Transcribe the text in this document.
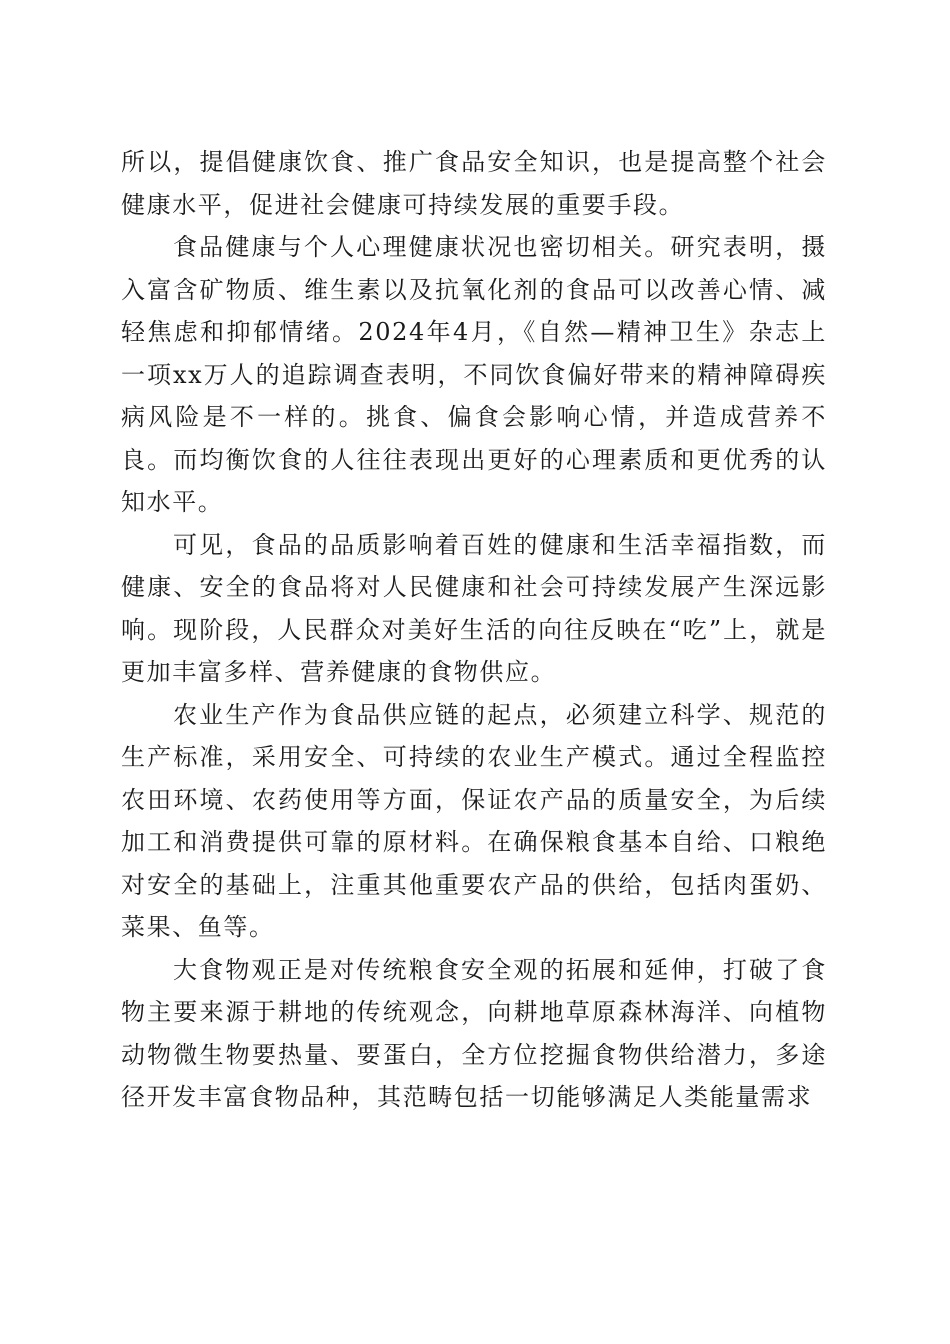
所以，提倡健康饮食、推广食品安全知识，也是提高整个社会健康水平，促进社会健康可持续发展的重要手段。

食品健康与个人心理健康状况也密切相关。研究表明，摄入富含矿物质、维生素以及抗氧化剂的食品可以改善心情、减轻焦虑和抑郁情绪。2024年4月，《自然—精神卫生》杂志上一项xx万人的追踪调查表明，不同饮食偏好带来的精神障碍疾病风险是不一样的。挑食、偏食会影响心情，并造成营养不良。而均衡饮食的人往往表现出更好的心理素质和更优秀的认知水平。

可见，食品的品质影响着百姓的健康和生活幸福指数，而健康、安全的食品将对人民健康和社会可持续发展产生深远影响。现阶段，人民群众对美好生活的向往反映在“吃”上，就是更加丰富多样、营养健康的食物供应。

农业生产作为食品供应链的起点，必须建立科学、规范的生产标准，采用安全、可持续的农业生产模式。通过全程监控农田环境、农药使用等方面，保证农产品的质量安全，为后续加工和消费提供可靠的原材料。在确保粮食基本自给、口粮绝对安全的基础上，注重其他重要农产品的供给，包括肉蛋奶、菜果、鱼等。

大食物观正是对传统粮食安全观的拓展和延伸，打破了食物主要来源于耕地的传统观念，向耕地草原森林海洋、向植物动物微生物要热量、要蛋白，全方位挖掘食物供给潜力，多途径开发丰富食物品种，其范畴包括一切能够满足人类能量需求
